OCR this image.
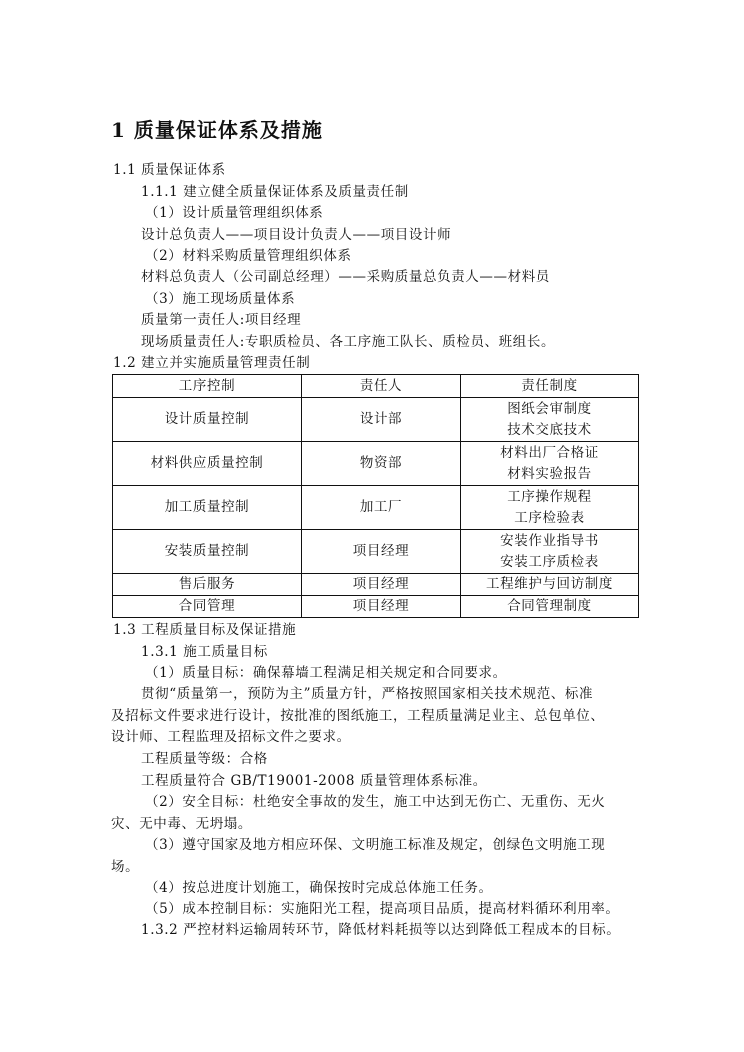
1 质量保证体系及措施
1.1 质量保证体系
1.1.1 建立健全质量保证体系及质量责任制
（1）设计质量管理组织体系
设计总负责人——项目设计负责人——项目设计师
（2）材料采购质量管理组织体系
材料总负责人（公司副总经理）——采购质量总负责人——材料员
（3）施工现场质量体系
质量第一责任人:项目经理
现场质量责任人:专职质检员、各工序施工队长、质检员、班组长。
1.2 建立并实施质量管理责任制
工序控制	责任人	责任制度
设计质量控制	设计部	图纸会审制度
技术交底技术

材料供应质量控制	物资部	材料出厂合格证
材料实验报告

加工质量控制	加工厂	工序操作规程
工序检验表

安装质量控制	项目经理	安装作业指导书
安装工序质检表

售后服务	项目经理	工程维护与回访制度

合同管理	项目经理	合同管理制度
1.3 工程质量目标及保证措施
1.3.1 施工质量目标
（1）质量目标：确保幕墙工程满足相关规定和合同要求。
贯彻“质量第一，预防为主”质量方针，严格按照国家相关技术规范、标准
及招标文件要求进行设计，按批准的图纸施工，工程质量满足业主、总包单位、
设计师、工程监理及招标文件之要求。
工程质量等级：合格
工程质量符合 GB/T19001-2008 质量管理体系标准。
（2）安全目标：杜绝安全事故的发生，施工中达到无伤亡、无重伤、无火
灾、无中毒、无坍塌。
（3）遵守国家及地方相应环保、文明施工标准及规定，创绿色文明施工现
场。
（4）按总进度计划施工，确保按时完成总体施工任务。
（5）成本控制目标：实施阳光工程，提高项目品质，提高材料循环利用率。
1.3.2 严控材料运输周转环节，降低材料耗损等以达到降低工程成本的目标。
